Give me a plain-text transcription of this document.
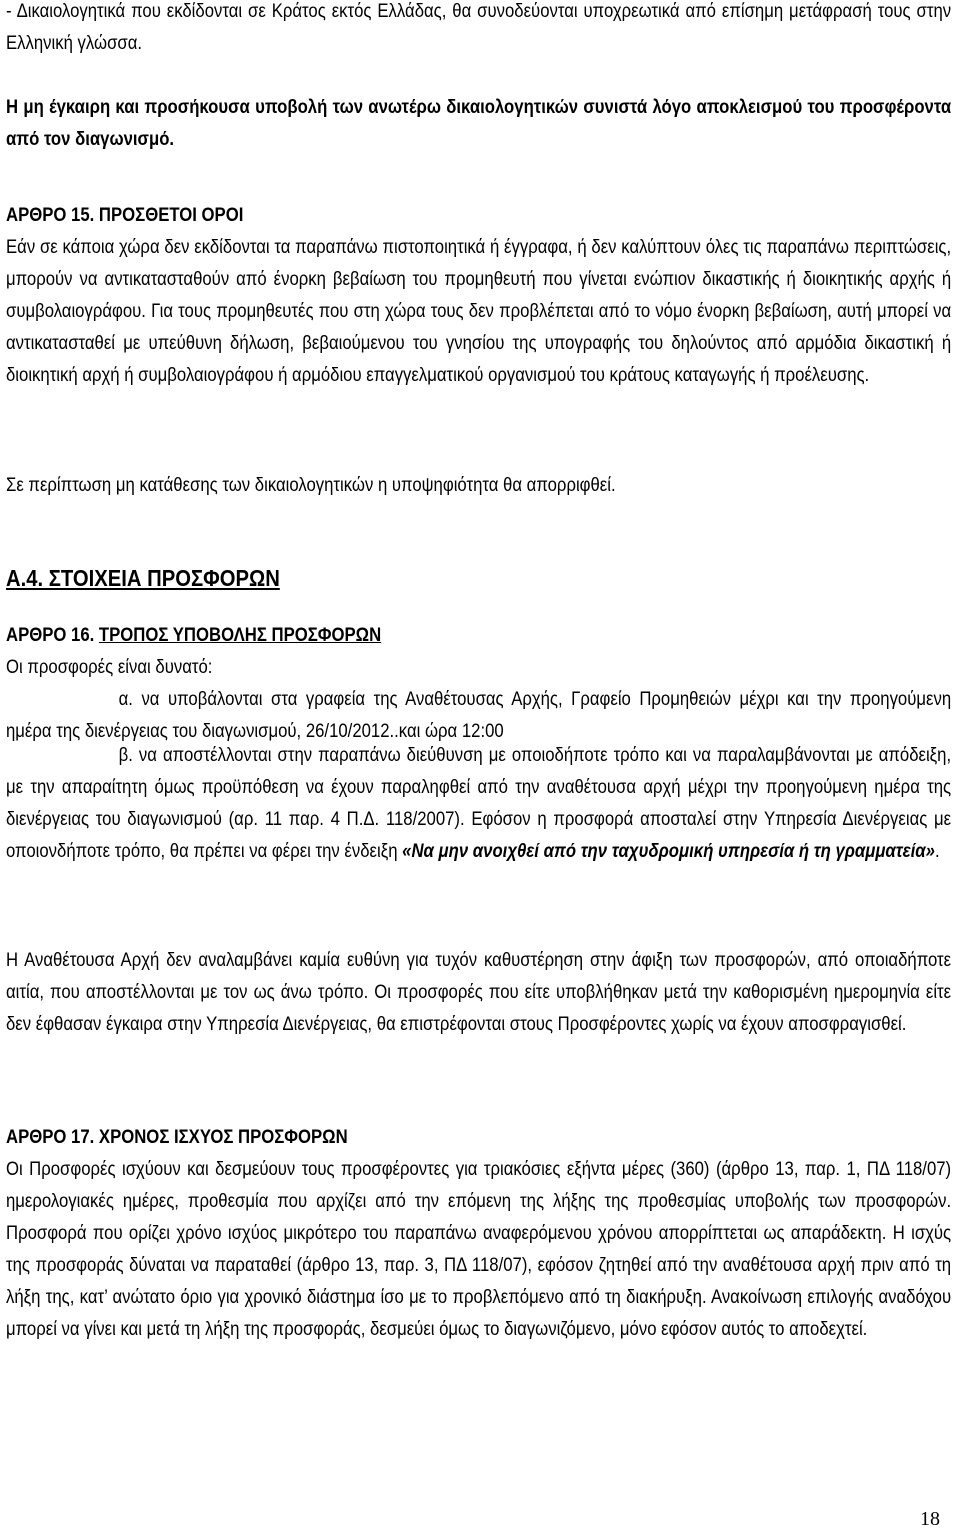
- Δικαιολογητικά που εκδίδονται σε Κράτος εκτός Ελλάδας, θα συνοδεύονται υποχρεωτικά από επίσημη μετάφρασή τους στην Ελληνική γλώσσα.

Η μη έγκαιρη και προσήκουσα υποβολή των ανωτέρω δικαιολογητικών συνιστά λόγο αποκλεισμού του προσφέροντα από τον διαγωνισμό.

ΑΡΘΡΟ 15. ΠΡΟΣΘΕΤΟΙ ΟΡΟΙ

Εάν σε κάποια χώρα δεν εκδίδονται τα παραπάνω πιστοποιητικά ή έγγραφα, ή δεν καλύπτουν όλες τις παραπάνω περιπτώσεις, μπορούν να αντικατασταθούν από ένορκη βεβαίωση του προμηθευτή που γίνεται ενώπιον δικαστικής ή διοικητικής αρχής ή συμβολαιογράφου. Για τους προμηθευτές που στη χώρα τους δεν προβλέπεται από το νόμο ένορκη βεβαίωση, αυτή μπορεί να αντικατασταθεί με υπεύθυνη δήλωση, βεβαιούμενου του γνησίου της υπογραφής του δηλούντος από αρμόδια δικαστική ή διοικητική αρχή ή συμβολαιογράφου ή αρμόδιου επαγγελματικού οργανισμού του κράτους καταγωγής ή προέλευσης.

Σε περίπτωση μη κατάθεσης των δικαιολογητικών η υποψηφιότητα θα απορριφθεί.

Α.4. ΣΤΟΙΧΕΙΑ ΠΡΟΣΦΟΡΩΝ

ΑΡΘΡΟ 16. ΤΡΟΠΟΣ ΥΠΟΒΟΛΗΣ ΠΡΟΣΦΟΡΩΝ

Οι προσφορές είναι δυνατό:

α. να υποβάλονται στα γραφεία της Αναθέτουσας Αρχής, Γραφείο Προμηθειών μέχρι και την προηγούμενη ημέρα της διενέργειας του διαγωνισμού, 26/10/2012..και ώρα 12:00

β. να αποστέλλονται στην παραπάνω διεύθυνση με οποιοδήποτε τρόπο και να παραλαμβάνονται με απόδειξη, με την απαραίτητη όμως προϋπόθεση να έχουν παραληφθεί από την αναθέτουσα αρχή μέχρι την προηγούμενη ημέρα της διενέργειας του διαγωνισμού (αρ. 11 παρ. 4 Π.Δ. 118/2007). Εφόσον η προσφορά αποσταλεί στην Υπηρεσία Διενέργειας με οποιονδήποτε τρόπο, θα πρέπει να φέρει την ένδειξη «Να μην ανοιχθεί από την ταχυδρομική υπηρεσία ή τη γραμματεία».

Η Αναθέτουσα Αρχή δεν αναλαμβάνει καμία ευθύνη για τυχόν καθυστέρηση στην άφιξη των προσφορών, από οποιαδήποτε αιτία, που αποστέλλονται με τον ως άνω τρόπο. Οι προσφορές που είτε υποβλήθηκαν μετά την καθορισμένη ημερομηνία είτε δεν έφθασαν έγκαιρα στην Υπηρεσία Διενέργειας, θα επιστρέφονται στους Προσφέροντες χωρίς να έχουν αποσφραγισθεί.

ΑΡΘΡΟ 17. ΧΡΟΝΟΣ ΙΣΧΥΟΣ ΠΡΟΣΦΟΡΩΝ

Οι Προσφορές ισχύουν και δεσμεύουν τους προσφέροντες για τριακόσιες εξήντα μέρες (360) (άρθρο 13, παρ. 1, ΠΔ 118/07) ημερολογιακές ημέρες, προθεσμία που αρχίζει από την επόμενη της λήξης της προθεσμίας υποβολής των προσφορών. Προσφορά που ορίζει χρόνο ισχύος μικρότερο του παραπάνω αναφερόμενου χρόνου απορρίπτεται ως απαράδεκτη. Η ισχύς της προσφοράς δύναται να παραταθεί (άρθρο 13, παρ. 3, ΠΔ 118/07), εφόσον ζητηθεί από την αναθέτουσα αρχή πριν από τη λήξη της, κατ’ ανώτατο όριο για χρονικό διάστημα ίσο με το προβλεπόμενο από τη διακήρυξη. Ανακοίνωση επιλογής αναδόχου μπορεί να γίνει και μετά τη λήξη της προσφοράς, δεσμεύει όμως το διαγωνιζόμενο, μόνο εφόσον αυτός το αποδεχτεί.

18
